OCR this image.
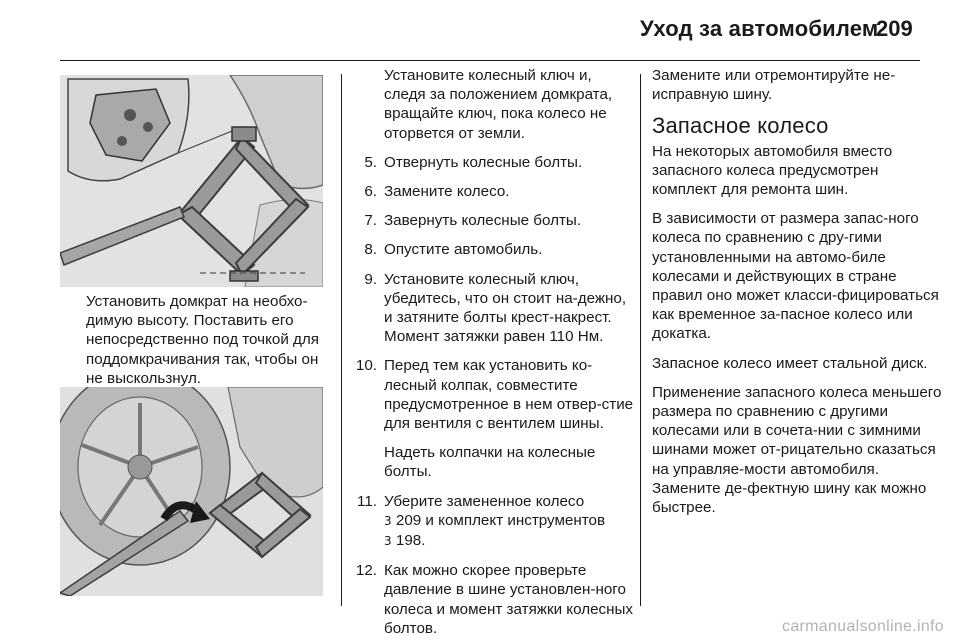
Уход за автомобилем
209
Установить домкрат на необхо-димую высоту. Поставить его непосредственно под точкой для поддомкрачивания так, чтобы он не выскользнул.

Установите колесный ключ и, следя за положением домкрата, вращайте ключ, пока колесо не оторвется от земли.

5. Отвернуть колесные болты.
6. Замените колесо.
7. Завернуть колесные болты.
8. Опустите автомобиль.
9. Установите колесный ключ, убедитесь, что он стоит на-дежно, и затяните болты крест-накрест. Момент затяжки равен 110 Нм.
10. Перед тем как установить ко-лесный колпак, совместите предусмотренное в нем отвер-стие для вентиля с вентилем шины.

Надеть колпачки на колесные болты.

11. Уберите замененное колесо
3 209 и комплект инструментов
3 198.
12. Как можно скорее проверьте давление в шине установлен-ного колеса и момент затяжки колесных болтов.

Замените или отремонтируйте не-исправную шину.

Запасное колесо

На некоторых автомобиля вместо запасного колеса предусмотрен комплект для ремонта шин.

В зависимости от размера запас-ного колеса по сравнению с дру-гими установленными на автомо-биле колесами и действующих в стране правил оно может класси-фицироваться как временное за-пасное колесо или докатка.

Запасное колесо имеет стальной диск.

Применение запасного колеса меньшего размера по сравнению с другими колесами или в сочета-нии с зимними шинами может от-рицательно сказаться на управляе-мости автомобиля. Замените де-фектную шину как можно быстрее.

carmanualsonline.info
